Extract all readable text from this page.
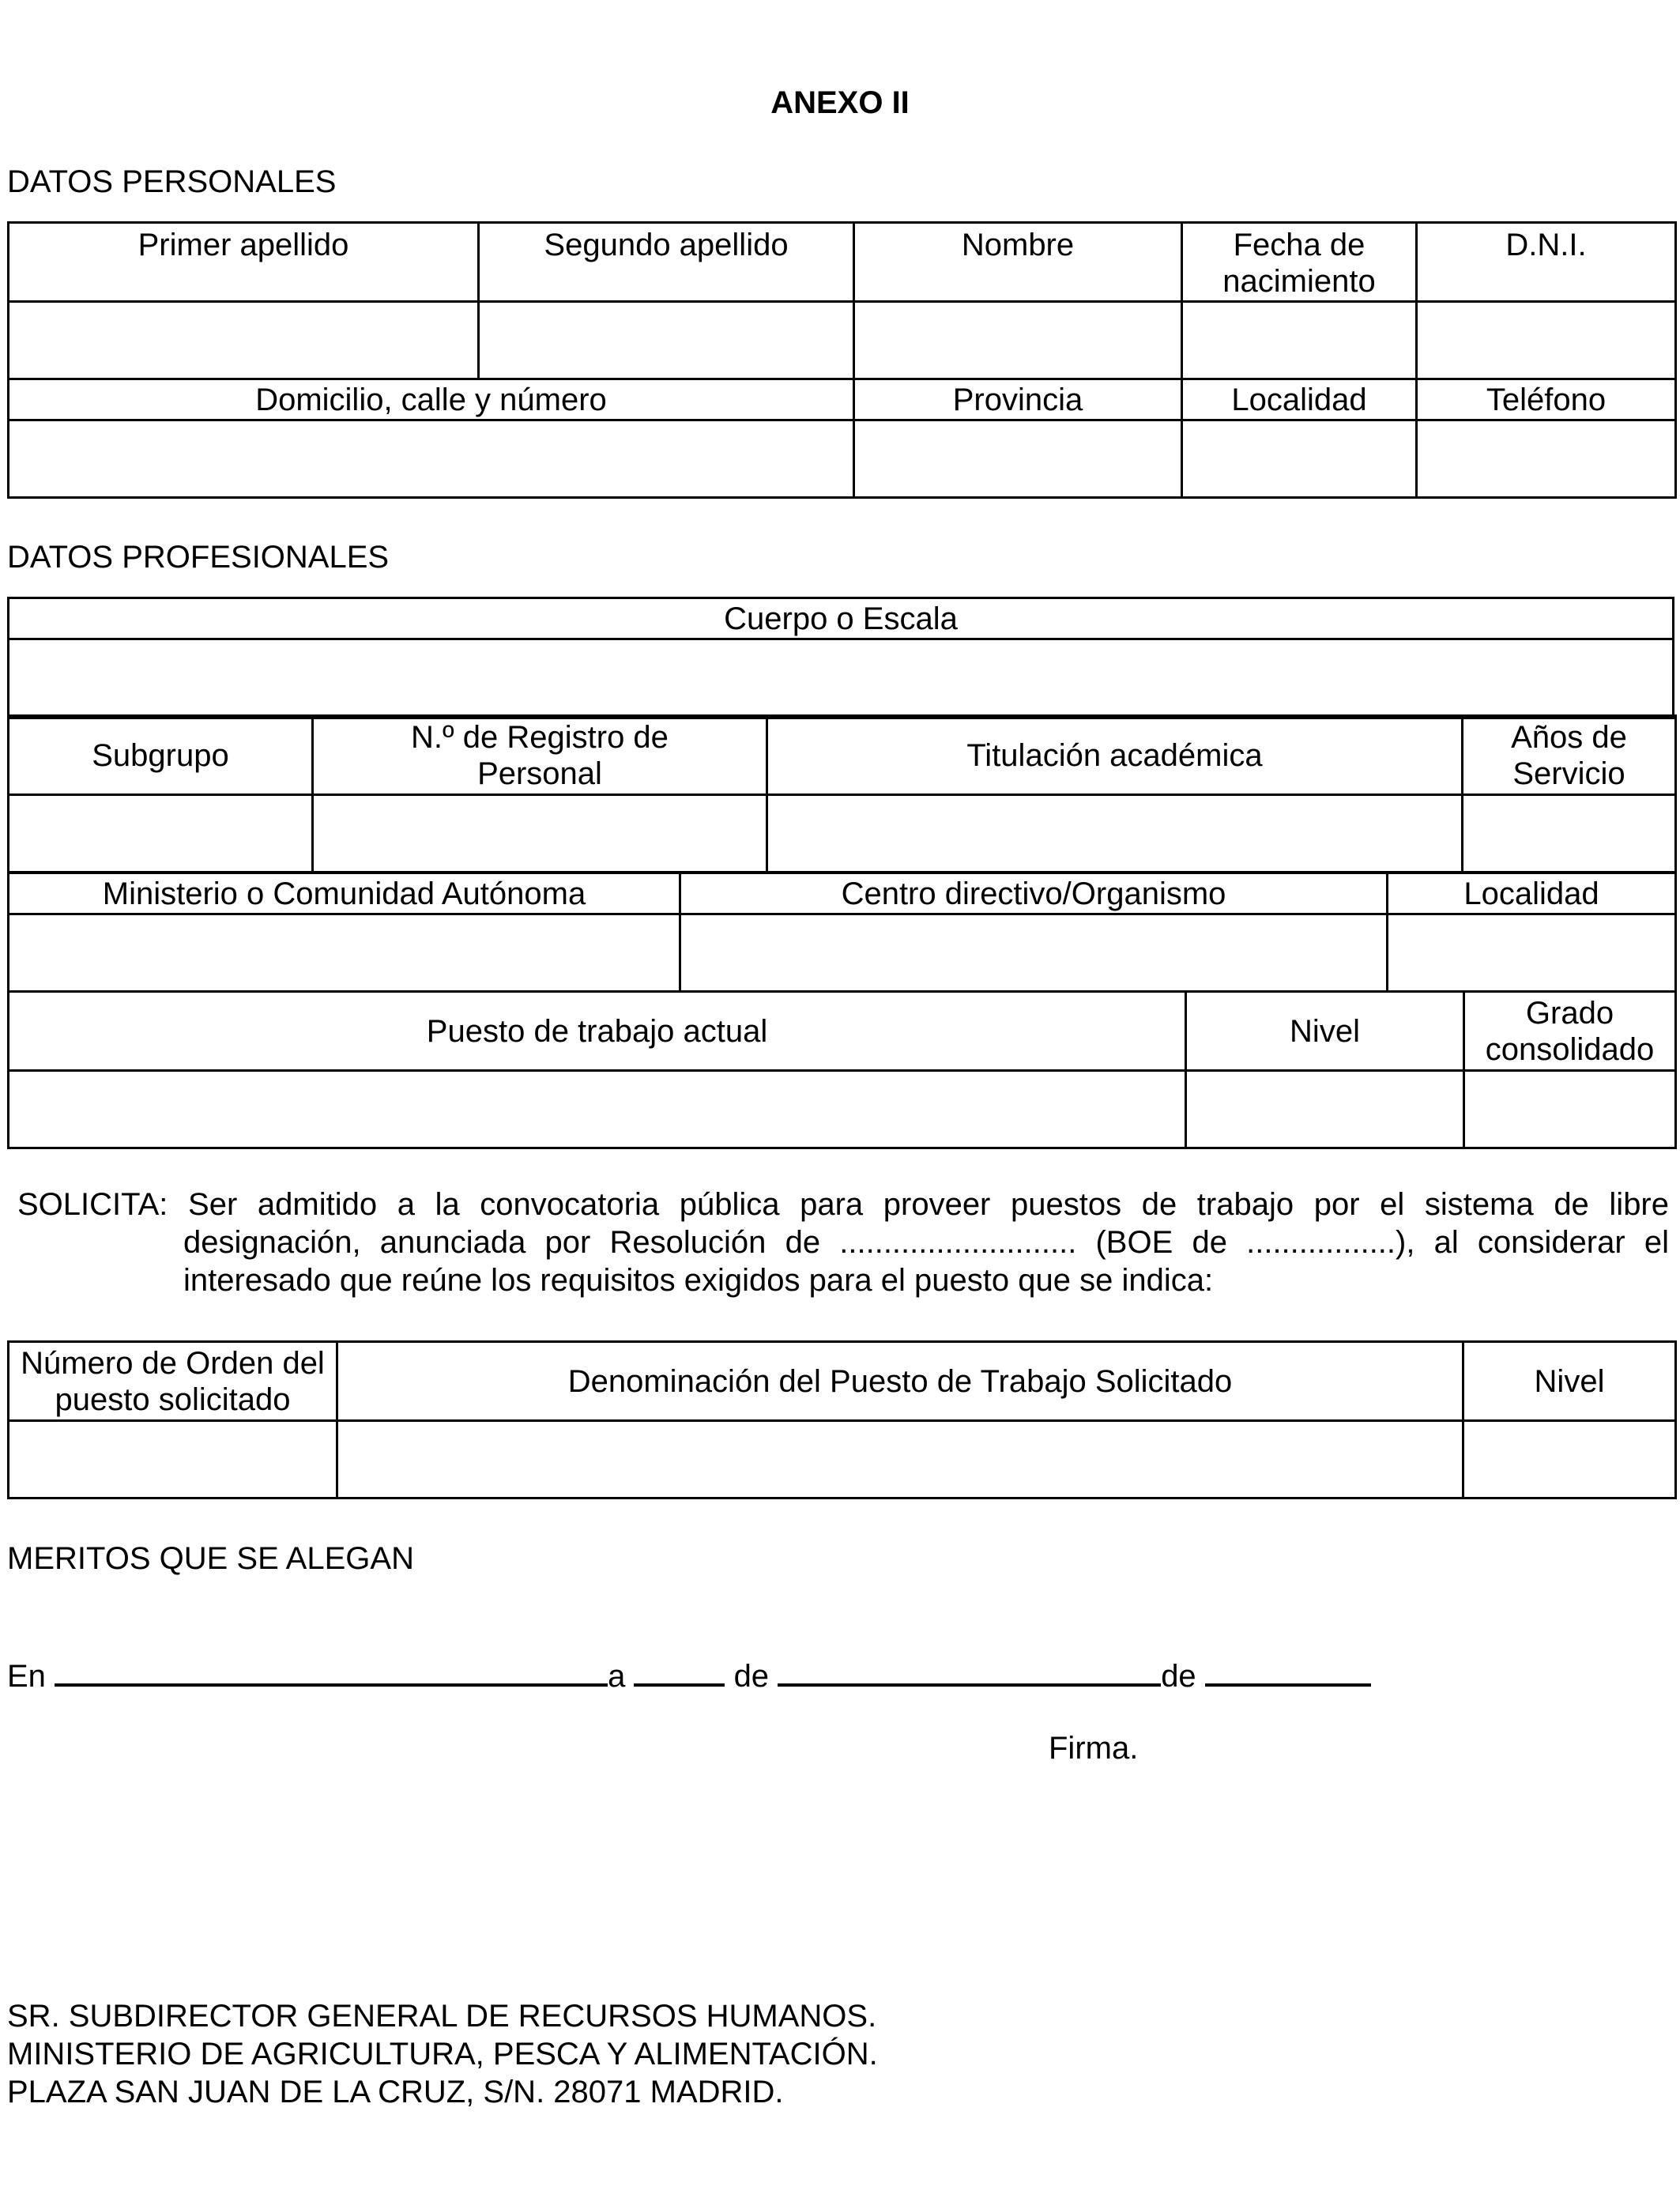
ANEXO II
DATOS PERSONALES
Primer apellido	Segundo apellido	Nombre	Fecha de nacimiento	D.N.I.

Domicilio, calle y número		Provincia	Localidad	Teléfono

DATOS PROFESIONALES
Cuerpo o Escala

Subgrupo	N.º de Registro de Personal	Titulación académica	Años de Servicio

Ministerio o Comunidad Autónoma	Centro directivo/Organismo	Localidad

Puesto de trabajo actual	Nivel	Grado consolidado

SOLICITA: Ser admitido a la convocatoria pública para proveer puestos de trabajo por el sistema de libre
designación, anunciada por Resolución de ........................... (BOE de .................), al considerar el
interesado que reúne los requisitos exigidos para el puesto que se indica:
Número de Orden del puesto solicitado	Denominación del Puesto de Trabajo Solicitado	Nivel

MERITOS QUE SE ALEGAN
En	a	de	de
Firma.
SR. SUBDIRECTOR GENERAL DE RECURSOS HUMANOS.
MINISTERIO DE AGRICULTURA, PESCA Y ALIMENTACIÓN.
PLAZA SAN JUAN DE LA CRUZ, S/N. 28071 MADRID.
